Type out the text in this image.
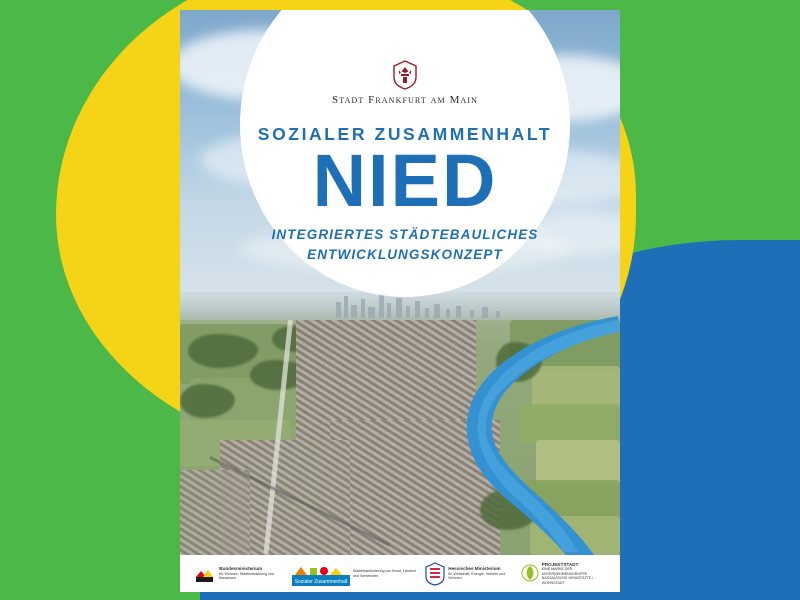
Stadt Frankfurt am Main
SOZIALER ZUSAMMENHALT
NIED
INTEGRIERTES STÄDTEBAULICHES
ENTWICKLUNGSKONZEPT
Bundesministerium
für Wohnen, Stadtentwicklung und Bauwesen
Sozialer Zusammenhalt
Städtebauförderung von Bund, Ländern und Gemeinden
Hessisches Ministerium
für Wirtschaft, Energie, Verkehr und Wohnen
PROJEKTSTADT
EINE MARKE DER UNTERNEHMENSGRUPPE NASSAUISCHE HEIMSTÄTTE / WOHNSTADT
